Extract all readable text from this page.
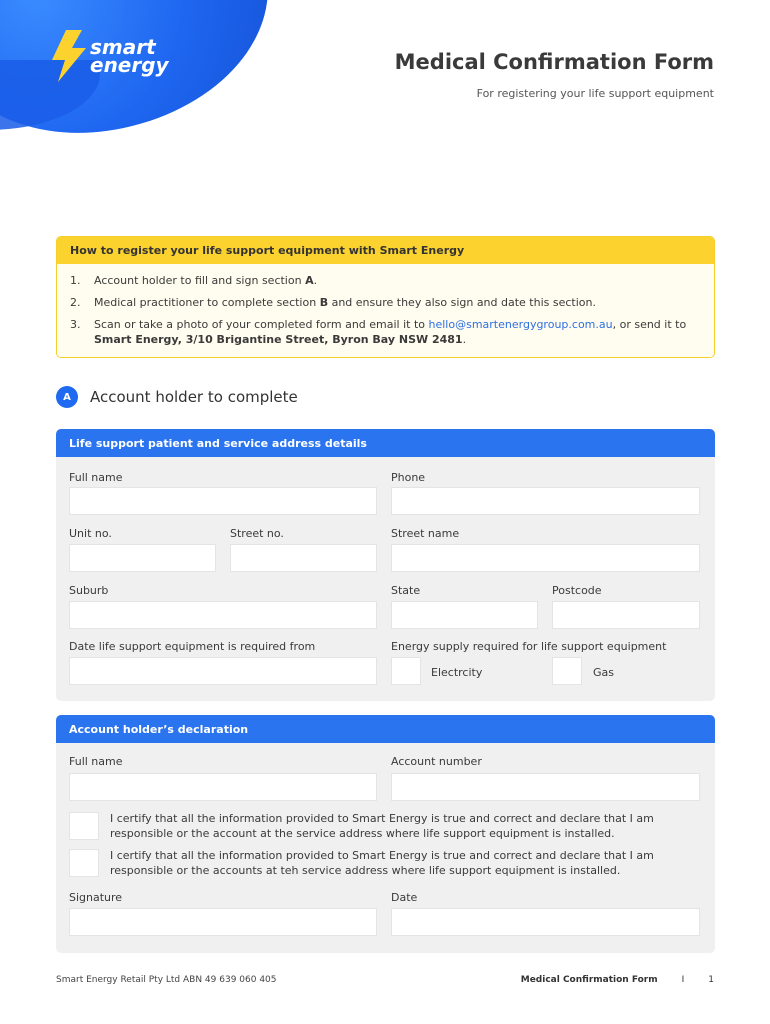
smart
energy	Medical Confirmation Form
For registering your life support equipment
How to register your life support equipment with Smart Energy
1.	Account holder to fill and sign section A.
2.	Medical practitioner to complete section B and ensure they also sign and date this section.
3.	Scan or take a photo of your completed form and email it to hello@smartenergygroup.com.au, or send it to Smart Energy, 3/10 Brigantine Street, Byron Bay NSW 2481.
A	Account holder to complete
Life support patient and service address details
Full name	Phone
Unit no.	Street no.	Street name
Suburb	State	Postcode
Date life support equipment is required from	Energy supply required for life support equipment
Electrcity	Gas
Account holder’s declaration
Full name	Account number
I certify that all the information provided to Smart Energy is true and correct and declare that I am responsible or the account at the service address where life support equipment is installed.
I certify that all the information provided to Smart Energy is true and correct and declare that I am responsible or the accounts at teh service address where life support equipment is installed.
Signature	Date
Smart Energy Retail Pty Ltd ABN 49 639 060 405	Medical Confirmation Form	I	1
